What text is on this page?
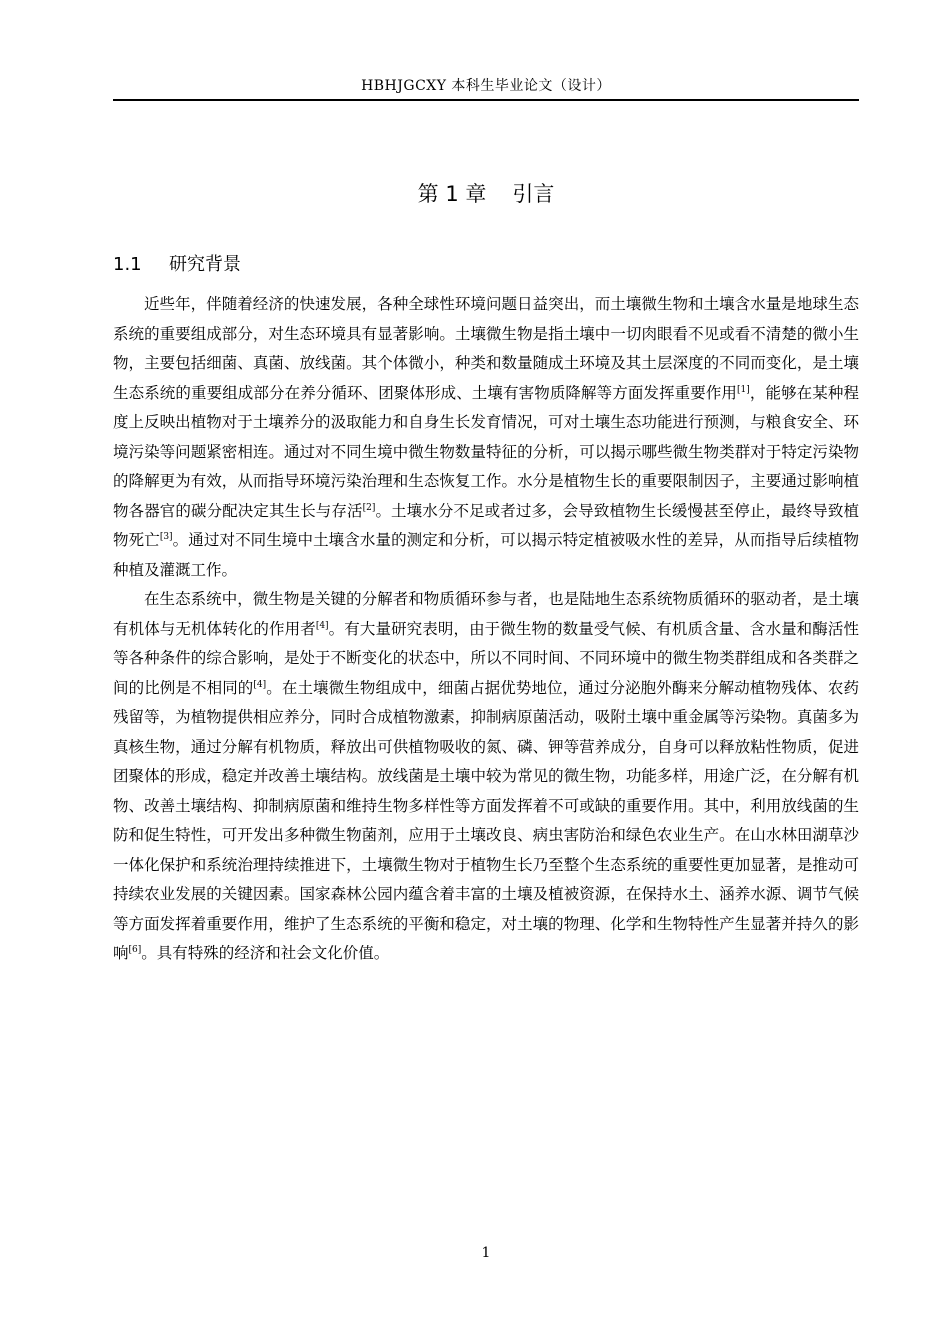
HBHJGCXY 本科生毕业论文（设计）
第 1 章 引言
1.1 研究背景

近些年，伴随着经济的快速发展，各种全球性环境问题日益突出，而土壤微生物和土壤含水量是地球生态系统的重要组成部分，对生态环境具有显著影响。土壤微生物是指土壤中一切肉眼看不见或看不清楚的微小生物，主要包括细菌、真菌、放线菌。其个体微小，种类和数量随成土环境及其土层深度的不同而变化，是土壤生态系统的重要组成部分在养分循环、团聚体形成、土壤有害物质降解等方面发挥重要作用[1]，能够在某种程度上反映出植物对于土壤养分的汲取能力和自身生长发育情况，可对土壤生态功能进行预测，与粮食安全、环境污染等问题紧密相连。通过对不同生境中微生物数量特征的分析，可以揭示哪些微生物类群对于特定污染物的降解更为有效，从而指导环境污染治理和生态恢复工作。水分是植物生长的重要限制因子，主要通过影响植物各器官的碳分配决定其生长与存活[2]。土壤水分不足或者过多，会导致植物生长缓慢甚至停止，最终导致植物死亡[3]。通过对不同生境中土壤含水量的测定和分析，可以揭示特定植被吸水性的差异，从而指导后续植物种植及灌溉工作。

在生态系统中，微生物是关键的分解者和物质循环参与者，也是陆地生态系统物质循环的驱动者，是土壤有机体与无机体转化的作用者[4]。有大量研究表明，由于微生物的数量受气候、有机质含量、含水量和酶活性等各种条件的综合影响，是处于不断变化的状态中，所以不同时间、不同环境中的微生物类群组成和各类群之间的比例是不相同的[4]。在土壤微生物组成中，细菌占据优势地位，通过分泌胞外酶来分解动植物残体、农药残留等，为植物提供相应养分，同时合成植物激素，抑制病原菌活动，吸附土壤中重金属等污染物。真菌多为真核生物，通过分解有机物质，释放出可供植物吸收的氮、磷、钾等营养成分，自身可以释放粘性物质，促进团聚体的形成，稳定并改善土壤结构。放线菌是土壤中较为常见的微生物，功能多样，用途广泛，在分解有机物、改善土壤结构、抑制病原菌和维持生物多样性等方面发挥着不可或缺的重要作用。其中，利用放线菌的生防和促生特性，可开发出多种微生物菌剂，应用于土壤改良、病虫害防治和绿色农业生产。在山水林田湖草沙一体化保护和系统治理持续推进下，土壤微生物对于植物生长乃至整个生态系统的重要性更加显著，是推动可持续农业发展的关键因素。国家森林公园内蕴含着丰富的土壤及植被资源，在保持水土、涵养水源、调节气候等方面发挥着重要作用，维护了生态系统的平衡和稳定，对土壤的物理、化学和生物特性产生显著并持久的影响[6]。具有特殊的经济和社会文化价值。

1
